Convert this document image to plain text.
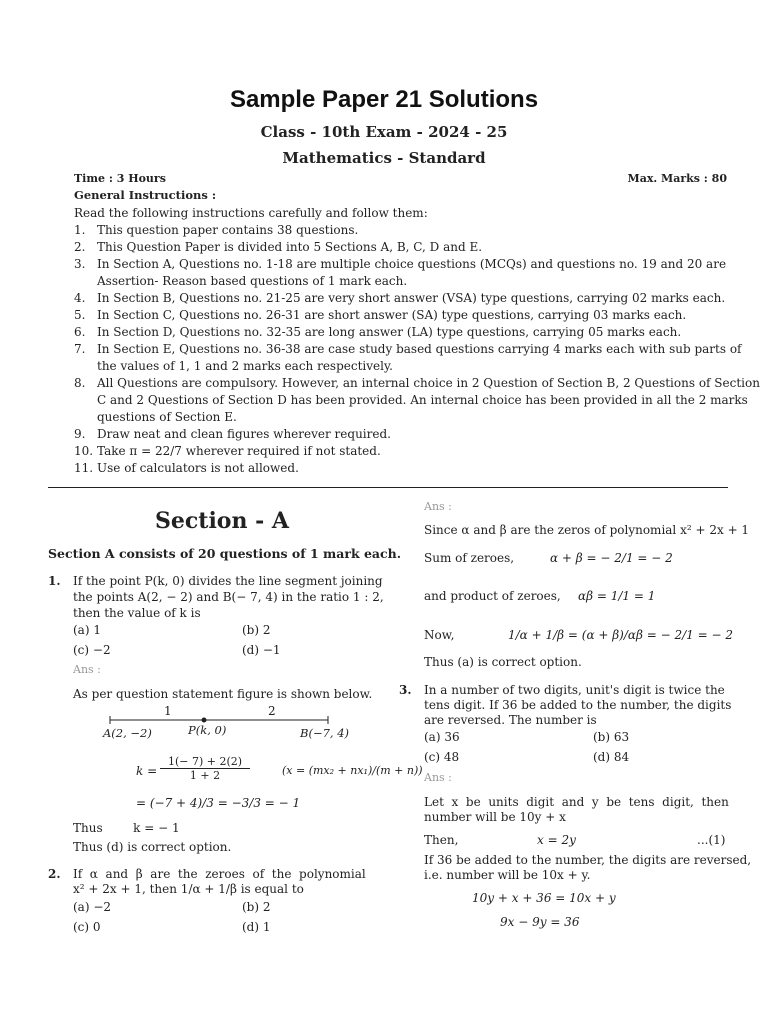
Sample Paper 21 Solutions
Class - 10th Exam - 2024 - 25
Mathematics - Standard
Time : 3 Hours	Max. Marks : 80
General Instructions :
Read the following instructions carefully and follow them:
1. This question paper contains 38 questions.
2. This Question Paper is divided into 5 Sections A, B, C, D and E.
3. In Section A, Questions no. 1-18 are multiple choice questions (MCQs) and questions no. 19 and 20 are
Assertion- Reason based questions of 1 mark each.
4. In Section B, Questions no. 21-25 are very short answer (VSA) type questions, carrying 02 marks each.
5. In Section C, Questions no. 26-31 are short answer (SA) type questions, carrying 03 marks each.
6. In Section D, Questions no. 32-35 are long answer (LA) type questions, carrying 05 marks each.
7. In Section E, Questions no. 36-38 are case study based questions carrying 4 marks each with sub parts of
the values of 1, 1 and 2 marks each respectively.
8. All Questions are compulsory. However, an internal choice in 2 Question of Section B, 2 Questions of Section
C and 2 Questions of Section D has been provided. An internal choice has been provided in all the 2 marks
questions of Section E.
9. Draw neat and clean figures wherever required.
10. Take π = 22/7 wherever required if not stated.
11. Use of calculators is not allowed.
Section - A
Section A consists of 20 questions of 1 mark each.
1. If the point P(k, 0) divides the line segment joining
the points A(2, − 2) and B(− 7, 4) in the ratio 1 : 2,
then the value of k is
(a) 1	(b) 2
(c) −2	(d) −1
Ans :
As per question statement figure is shown below.
1	2
A(2, −2)	P(k, 0)	B(−7, 4)
$k = \frac{1(- 7) + 2(2)}{1 + 2}$	(x = (mx₂ + nx₁)/(m + n))
= (−7 + 4)/3 = −3/3 = − 1
Thus        k = − 1
Thus (d) is correct option.
2. If  α  and  β  are  the  zeroes  of  the  polynomial
x² + 2x + 1, then 1/α + 1/β is equal to
(a) −2	(b) 2
(c) 0	(d) 1
Ans :
Since α and β are the zeros of polynomial x² + 2x + 1
Sum of zeroes,	α + β = − 2/1 = − 2
and product of zeroes, αβ = 1/1 = 1
Now,	1/α + 1/β = (α + β)/αβ = − 2/1 = − 2
Thus (a) is correct option.
3. In a number of two digits, unit's digit is twice the
tens digit. If 36 be added to the number, the digits
are reversed. The number is
(a) 36	(b) 63
(c) 48	(d) 84
Ans :
Let  x  be  units  digit  and  y  be  tens  digit,  then
number will be 10y + x
Then,	x = 2y	...(1)
If 36 be added to the number, the digits are reversed,
i.e. number will be 10x + y.
10y + x + 36 = 10x + y
9x − 9y = 36
